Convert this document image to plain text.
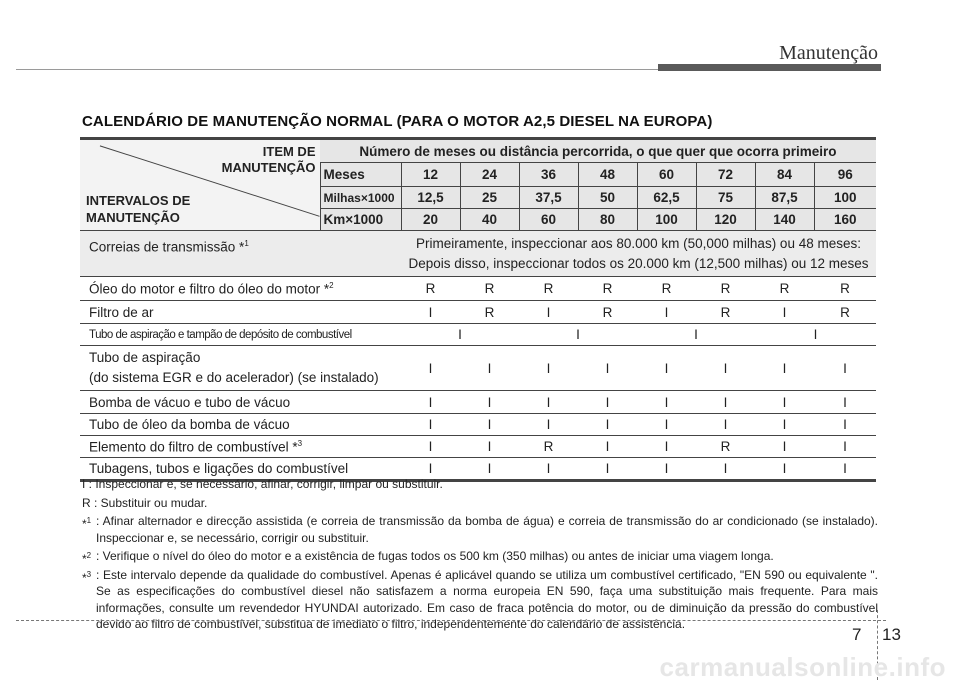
Manutenção
CALENDÁRIO DE MANUTENÇÃO NORMAL (PARA O MOTOR A2,5 DIESEL NA EUROPA)
ITEM DE
MANUTENÇÃO
INTERVALOS DE
MANUTENÇÃO	Número de meses ou distância percorrida, o que quer que ocorra primeiro								
	Meses	12	24	36	48	60	72	84	96
	Milhas×1000	12,5	25	37,5	50	62,5	75	87,5	100
	Km×1000	20	40	60	80	100	120	140	160
Correias de transmissão *$^1$		Primeiramente, inspeccionar aos 80.000 km (50,000 milhas) ou 48 meses:
Depois disso, inspeccionar todos os 20.000 km (12,500 milhas) ou 12 meses							

Óleo do motor e filtro do óleo do motor *$^2$		R	R	R	R	R	R	R	R
Filtro de ar		I	R	I	R	I	R	I	R
Tubo de aspiração e tampão de depósito de combustível		I		I		I		I	

Tubo de aspiração
(do sistema EGR e do acelerador) (se instalado)		I	I	I	I	I	I	I	I
Bomba de vácuo e tubo de vácuo		I	I	I	I	I	I	I	I
Tubo de óleo da bomba de vácuo		I	I	I	I	I	I	I	I
Elemento do filtro de combustível *$^3$		I	I	R	I	I	R	I	I
Tubagens, tubos e ligações do combustível		I	I	I	I	I	I	I	I
I : Inspeccionar e, se necessário, afinar, corrigir, limpar ou substituir.
R : Substituir ou mudar.
*$^1$ : Afinar alternador e direcção assistida (e correia de transmissão da bomba de água) e correia de transmissão do ar condicionado (se instalado). Inspeccionar e, se necessário, corrigir ou substituir.
*$^2$ : Verifique o nível do óleo do motor e a existência de fugas todos os 500 km (350 milhas) ou antes de iniciar uma viagem longa.
*$^3$ : Este intervalo depende da qualidade do combustível. Apenas é aplicável quando se utiliza um combustível certificado, "EN 590 ou equivalente ". Se as especificações do combustível diesel não satisfazem a norma europeia EN 590, faça uma substituição mais frequente. Para mais informações, consulte um revendedor HYUNDAI autorizado. Em caso de fraca potência do motor, ou de diminuição da pressão do combustível devido ao filtro de combustível, substitua de imediato o filtro, independentemente do calendário de assistência.
7 13
carmanualsonline.info
